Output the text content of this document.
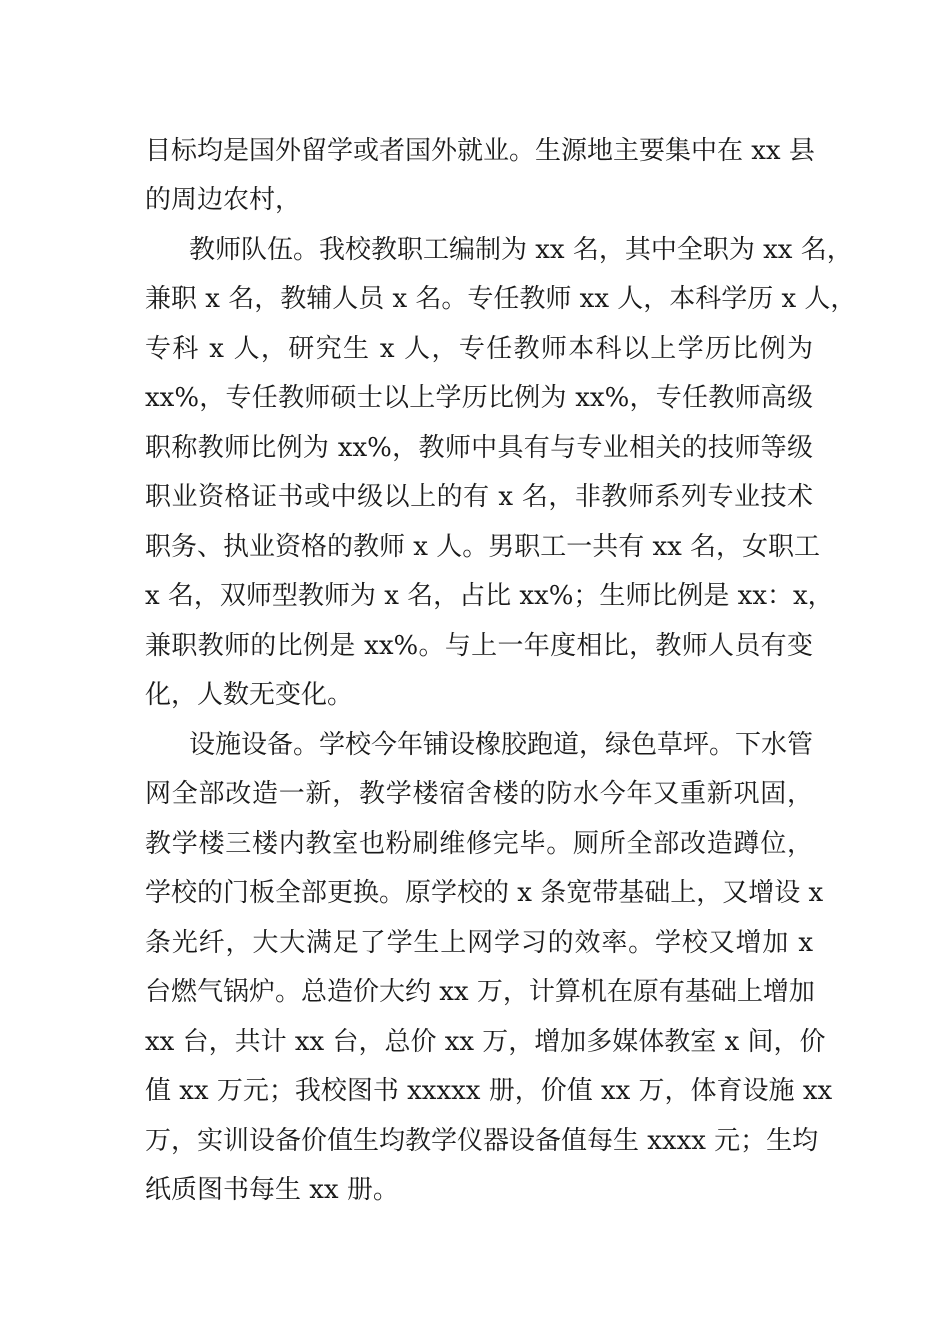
目标均是国外留学或者国外就业。生源地主要集中在 xx 县
的周边农村，
教师队伍。我校教职工编制为 xx 名，其中全职为 xx 名，
兼职 x 名，教辅人员 x 名。专任教师 xx 人，本科学历 x 人，
专科 x 人，研究生 x 人，专任教师本科以上学历比例为
xx%，专任教师硕士以上学历比例为 xx%，专任教师高级
职称教师比例为 xx%，教师中具有与专业相关的技师等级
职业资格证书或中级以上的有 x 名，非教师系列专业技术
职务、执业资格的教师 x 人。男职工一共有 xx 名，女职工
x 名，双师型教师为 x 名，占比 xx%；生师比例是 xx：x，
兼职教师的比例是 xx%。与上一年度相比，教师人员有变
化，人数无变化。
设施设备。学校今年铺设橡胶跑道，绿色草坪。下水管
网全部改造一新，教学楼宿舍楼的防水今年又重新巩固，
教学楼三楼内教室也粉刷维修完毕。厕所全部改造蹲位，
学校的门板全部更换。原学校的 x 条宽带基础上，又增设 x
条光纤，大大满足了学生上网学习的效率。学校又增加 x
台燃气锅炉。总造价大约 xx 万，计算机在原有基础上增加
xx 台，共计 xx 台，总价 xx 万，增加多媒体教室 x 间，价
值 xx 万元；我校图书 xxxxx 册，价值 xx 万，体育设施 xx
万，实训设备价值生均教学仪器设备值每生 xxxx 元；生均
纸质图书每生 xx 册。
